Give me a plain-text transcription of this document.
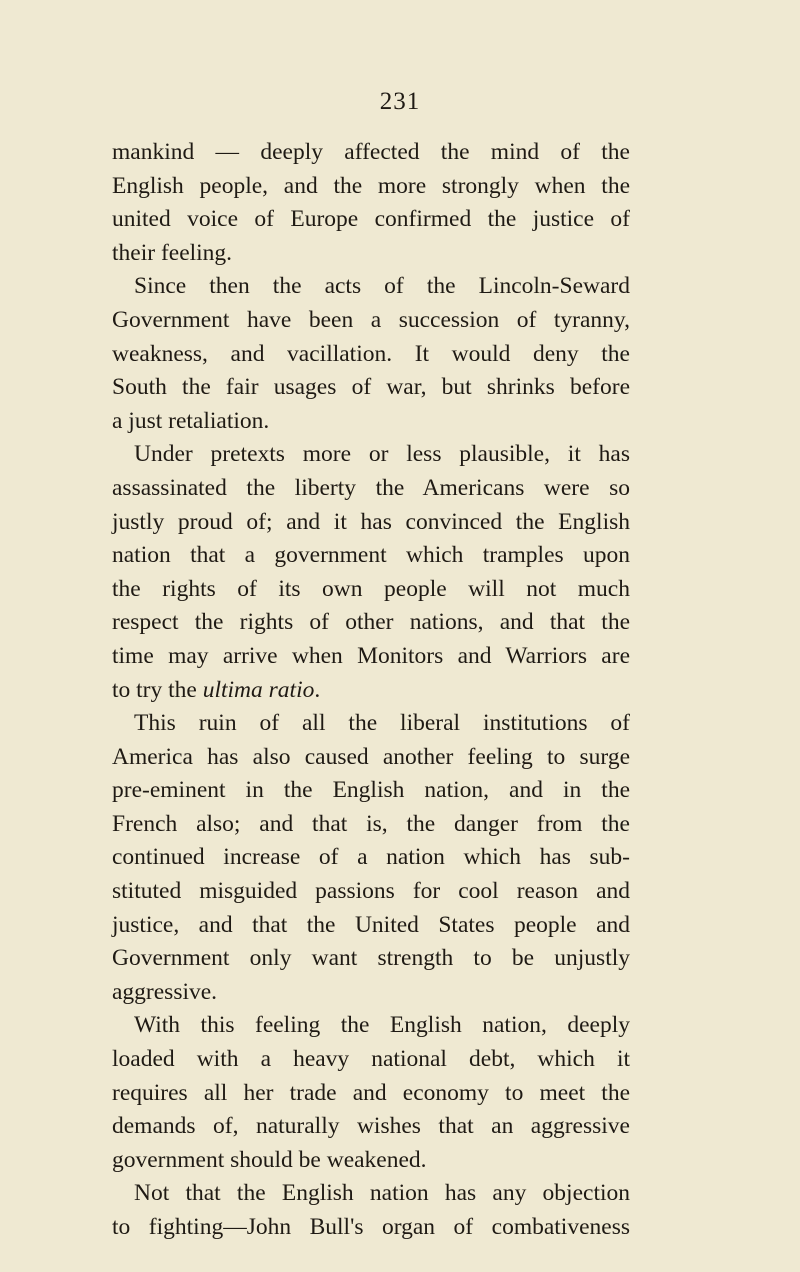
231
mankind — deeply affected the mind of the
English people, and the more strongly when the
united voice of Europe confirmed the justice of
their feeling.
Since then the acts of the Lincoln-Seward
Government have been a succession of tyranny,
weakness, and vacillation. It would deny the
South the fair usages of war, but shrinks before
a just retaliation.
Under pretexts more or less plausible, it has
assassinated the liberty the Americans were so
justly proud of; and it has convinced the English
nation that a government which tramples upon
the rights of its own people will not much
respect the rights of other nations, and that the
time may arrive when Monitors and Warriors are
to try the ultima ratio.
This ruin of all the liberal institutions of
America has also caused another feeling to surge
pre-eminent in the English nation, and in the
French also; and that is, the danger from the
continued increase of a nation which has sub-
stituted misguided passions for cool reason and
justice, and that the United States people and
Government only want strength to be unjustly
aggressive.
With this feeling the English nation, deeply
loaded with a heavy national debt, which it
requires all her trade and economy to meet the
demands of, naturally wishes that an aggressive
government should be weakened.
Not that the English nation has any objection
to fighting—John Bull's organ of combativeness
